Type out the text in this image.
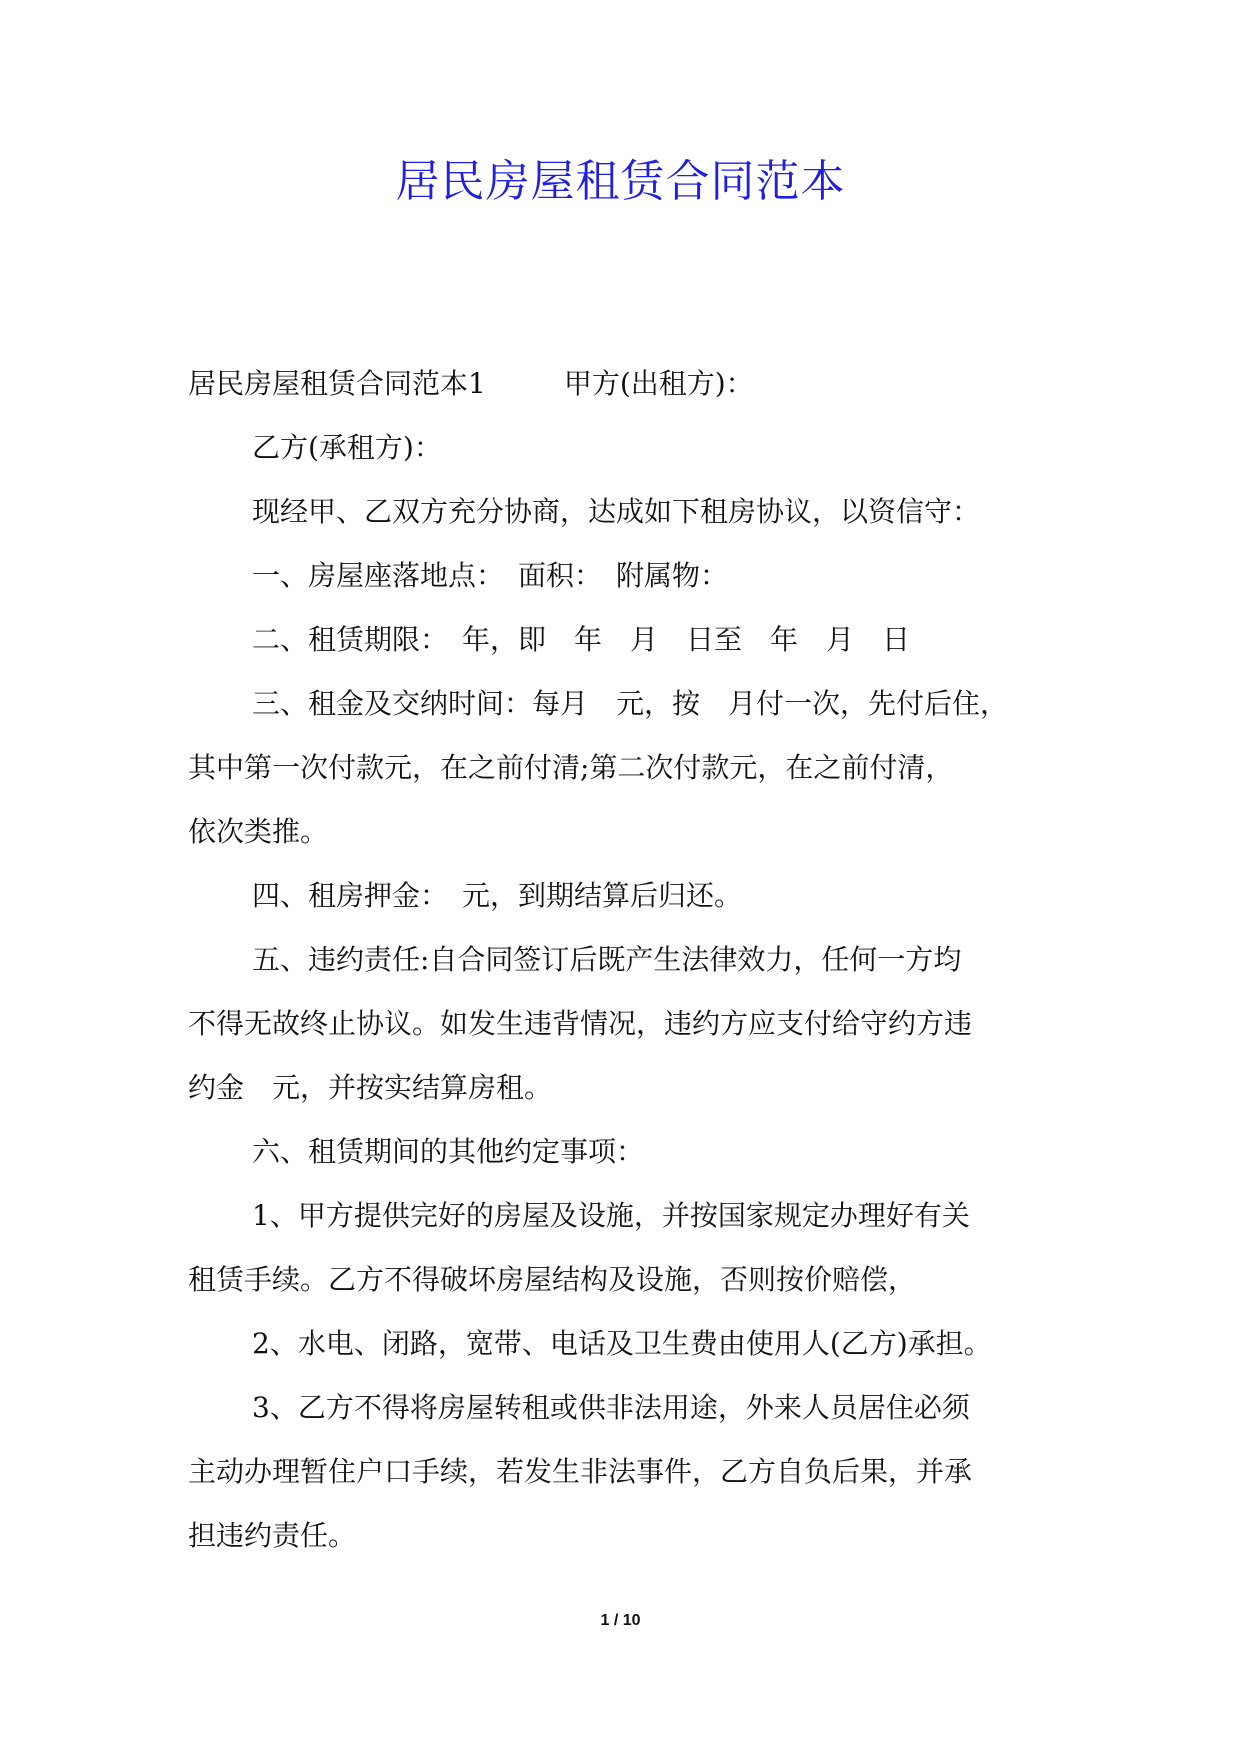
居民房屋租赁合同范本
居民房屋租赁合同范本1	甲方(出租方)：
乙方(承租方)：
现经甲、乙双方充分协商，达成如下租房协议，以资信守：
一、房屋座落地点：　面积：　附属物：
二、租赁期限：　年，即　年　月　日至　年　月　日
三、租金及交纳时间：每月　元，按　月付一次，先付后住，
其中第一次付款元，在之前付清;第二次付款元，在之前付清，
依次类推。
四、租房押金：　元，到期结算后归还。
五、违约责任:自合同签订后既产生法律效力，任何一方均
不得无故终止协议。如发生违背情况，违约方应支付给守约方违
约金　元，并按实结算房租。
六、租赁期间的其他约定事项：
1、甲方提供完好的房屋及设施，并按国家规定办理好有关
租赁手续。乙方不得破坏房屋结构及设施，否则按价赔偿，
2、水电、闭路，宽带、电话及卫生费由使用人(乙方)承担。
3、乙方不得将房屋转租或供非法用途，外来人员居住必须
主动办理暂住户口手续，若发生非法事件，乙方自负后果，并承
担违约责任。
1 / 10
